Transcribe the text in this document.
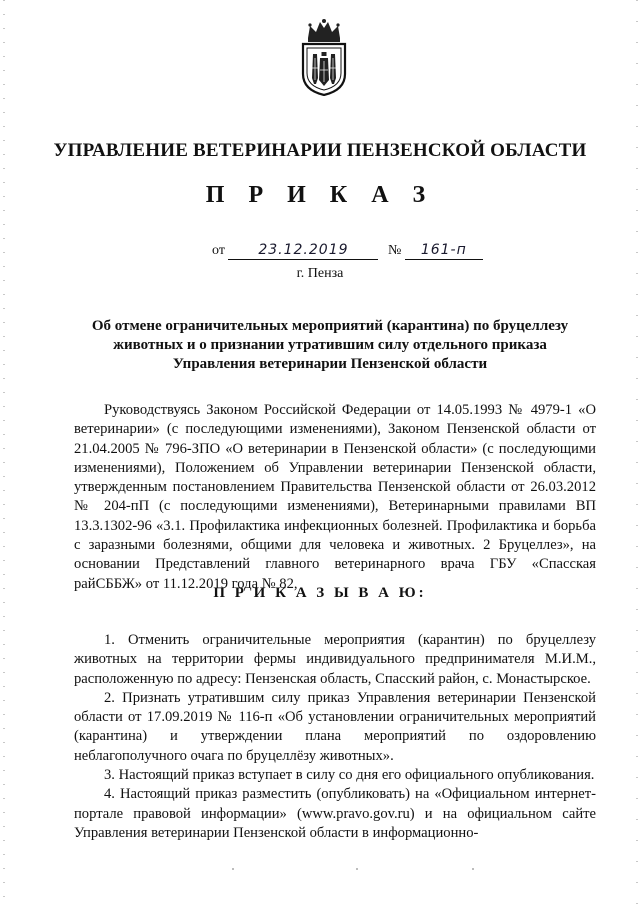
УПРАВЛЕНИЕ ВЕТЕРИНАРИИ ПЕНЗЕНСКОЙ ОБЛАСТИ
П Р И К А З
от 23.12.2019	№ 161-п
г. Пенза
Об отмене ограничительных мероприятий (карантина) по бруцеллезу
животных и о признании утратившим силу отдельного приказа
Управления ветеринарии Пензенской области

Руководствуясь Законом Российской Федерации от 14.05.1993 № 4979-1 «О ветеринарии» (с последующими изменениями), Законом Пензенской области от 21.04.2005 № 796-ЗПО «О ветеринарии в Пензенской области» (с последующими изменениями), Положением об Управлении ветеринарии Пензенской области, утвержденным постановлением Правительства Пензенской области от 26.03.2012 № 204-пП (с последующими изменениями), Ветеринарными правилами ВП 13.3.1302-96 «3.1. Профилактика инфекционных болезней. Профилактика и борьба с заразными болезнями, общими для человека и животных. 2 Бруцеллез», на основании Представлений главного ветеринарного врача ГБУ «Спасская райСББЖ» от 11.12.2019 года № 82,

П Р И К А З Ы В А Ю:

1. Отменить ограничительные мероприятия (карантин) по бруцеллезу животных на территории фермы индивидуального предпринимателя М.И.М., расположенную по адресу: Пензенская область, Спасский район, с. Монастырское.

2. Признать утратившим силу приказ Управления ветеринарии Пензенской области от 17.09.2019 № 116-п «Об установлении ограничительных мероприятий (карантина) и утверждении плана мероприятий по оздоровлению неблагополучного очага по бруцеллёзу животных».

3. Настоящий приказ вступает в силу со дня его официального опубликования.

4. Настоящий приказ разместить (опубликовать) на «Официальном интернет-портале правовой информации» (www.pravo.gov.ru) и на официальном сайте Управления ветеринарии Пензенской области в информационно-
